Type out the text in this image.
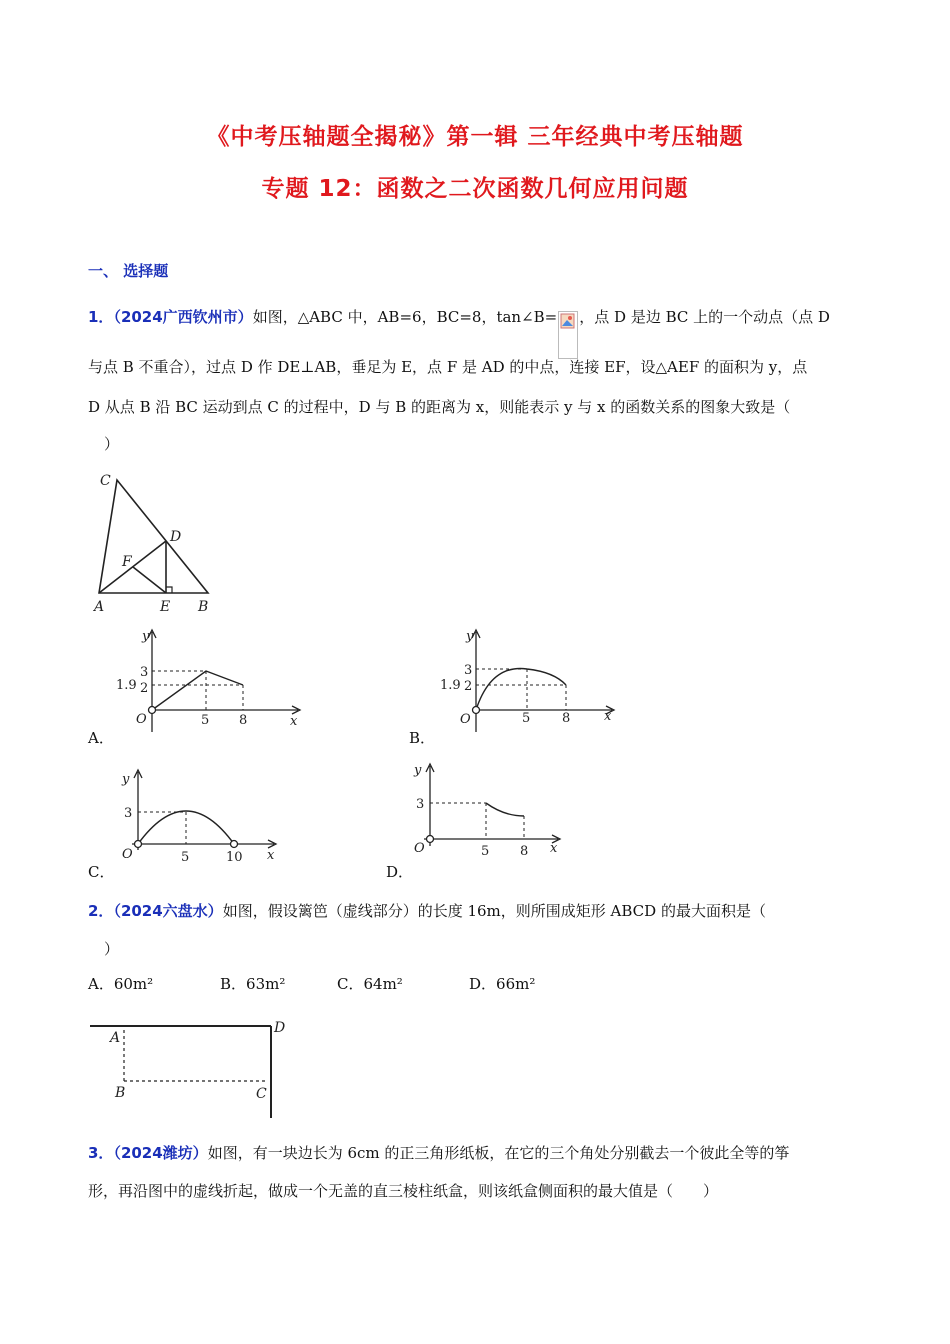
《中考压轴题全揭秘》第一辑 三年经典中考压轴题
专题 12：函数之二次函数几何应用问题
一、 选择题
1．（2024广西钦州市）如图，△ABC 中，AB=6，BC=8，tan∠B= ，点 D 是边 BC 上的一个动点（点 D
与点 B 不重合），过点 D 作 DE⊥AB，垂足为 E，点 F 是 AD 的中点，连接 EF，设△AEF 的面积为 y，点
D 从点 B 沿 BC 运动到点 C 的过程中，D 与 B 的距离为 x，则能表示 y 与 x 的函数关系的图象大致是（
）
C
D
F
A	E B
A．
y
x
O
3
2
1.9
5 8
B．
y
x
O
3
2
1.9
5 8
C．
y
x
O
3
5	10
D．
y
x
O
3
5 8
2．（2024六盘水）如图，假设篱笆（虚线部分）的长度 16m，则所围成矩形 ABCD 的最大面积是（
）
A．60m²	B．63m²	C．64m²	D．66m²
A
D
B	C
3．（2024潍坊）如图，有一块边长为 6cm 的正三角形纸板，在它的三个角处分别截去一个彼此全等的筝
形，再沿图中的虚线折起，做成一个无盖的直三棱柱纸盒，则该纸盒侧面积的最大值是（　　）
